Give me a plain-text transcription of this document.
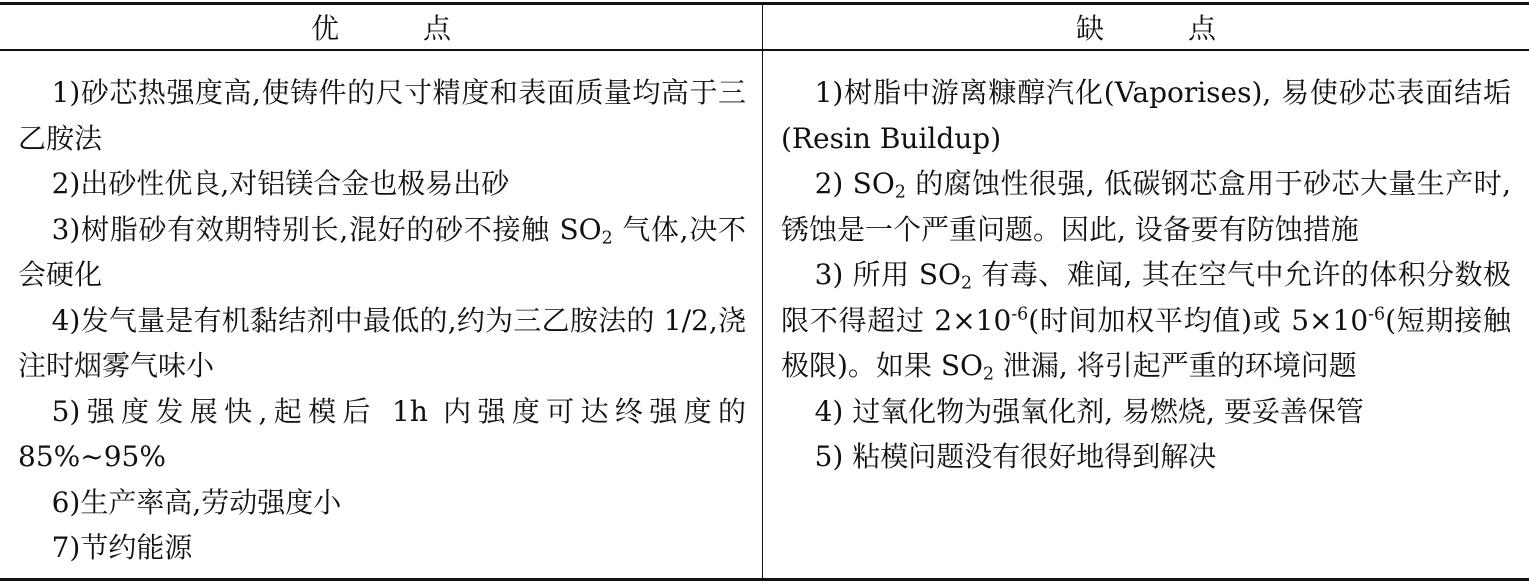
优　　　点	缺　　　点

1)砂芯热强度高,使铸件的尺寸精度和表面质量均高于三乙胺法

2)出砂性优良,对铝镁合金也极易出砂

3)树脂砂有效期特别长,混好的砂不接触 $SO_2$ 气体,决不会硬化

4)发气量是有机黏结剂中最低的,约为三乙胺法的 1/2,浇注时烟雾气味小

5)强度发展快,起模后 1h 内强度可达终强度的 85%~95%

6)生产率高,劳动强度小

7)节约能源

1)树脂中游离糠醇汽化(Vaporises), 易使砂芯表面结垢(Resin Buildup)

2) $SO_2$ 的腐蚀性很强, 低碳钢芯盒用于砂芯大量生产时, 锈蚀是一个严重问题。因此, 设备要有防蚀措施

3) 所用 $SO_2$ 有毒、难闻, 其在空气中允许的体积分数极限不得超过 $2\times 10^{-6}$(时间加权平均值)或 $5\times 10^{-6}$(短期接触极限)。如果 $SO_2$ 泄漏, 将引起严重的环境问题

4) 过氧化物为强氧化剂, 易燃烧, 要妥善保管

5) 粘模问题没有很好地得到解决
